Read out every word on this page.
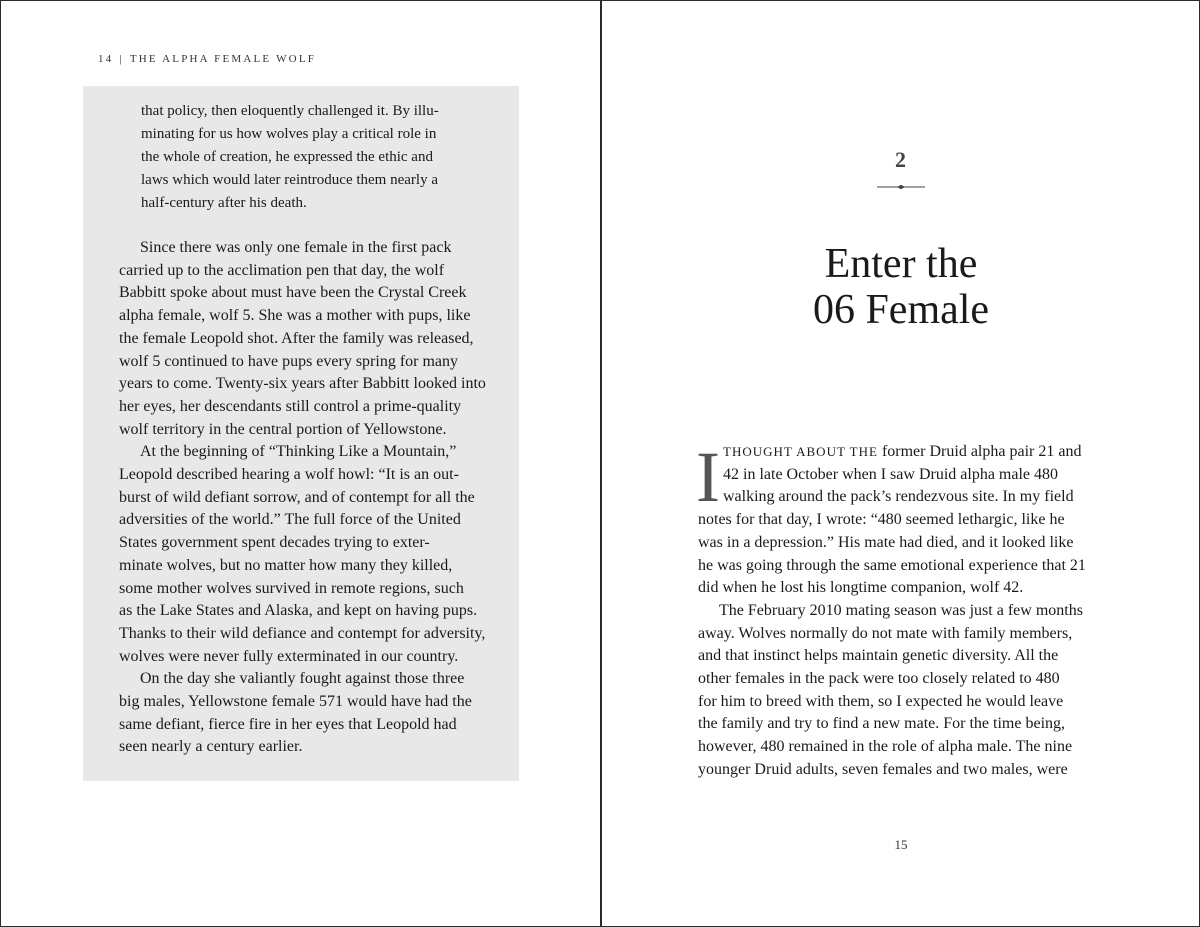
14 | THE ALPHA FEMALE WOLF
that policy, then eloquently challenged it. By illu-
minating for us how wolves play a critical role in
the whole of creation, he expressed the ethic and
laws which would later reintroduce them nearly a
half-century after his death.
Since there was only one female in the first pack
carried up to the acclimation pen that day, the wolf
Babbitt spoke about must have been the Crystal Creek
alpha female, wolf 5. She was a mother with pups, like
the female Leopold shot. After the family was released,
wolf 5 continued to have pups every spring for many
years to come. Twenty-six years after Babbitt looked into
her eyes, her descendants still control a prime-quality
wolf territory in the central portion of Yellowstone.
At the beginning of “Thinking Like a Mountain,”
Leopold described hearing a wolf howl: “It is an out-
burst of wild defiant sorrow, and of contempt for all the
adversities of the world.” The full force of the United
States government spent decades trying to exter-
minate wolves, but no matter how many they killed,
some mother wolves survived in remote regions, such
as the Lake States and Alaska, and kept on having pups.
Thanks to their wild defiance and contempt for adversity,
wolves were never fully exterminated in our country.
On the day she valiantly fought against those three
big males, Yellowstone female 571 would have had the
same defiant, fierce fire in her eyes that Leopold had
seen nearly a century earlier.
2
Enter the
06 Female
I THOUGHT ABOUT THE former Druid alpha pair 21 and
42 in late October when I saw Druid alpha male 480
walking around the pack’s rendezvous site. In my field
notes for that day, I wrote: “480 seemed lethargic, like he
was in a depression.” His mate had died, and it looked like
he was going through the same emotional experience that 21
did when he lost his longtime companion, wolf 42.
The February 2010 mating season was just a few months
away. Wolves normally do not mate with family members,
and that instinct helps maintain genetic diversity. All the
other females in the pack were too closely related to 480
for him to breed with them, so I expected he would leave
the family and try to find a new mate. For the time being,
however, 480 remained in the role of alpha male. The nine
younger Druid adults, seven females and two males, were
15
